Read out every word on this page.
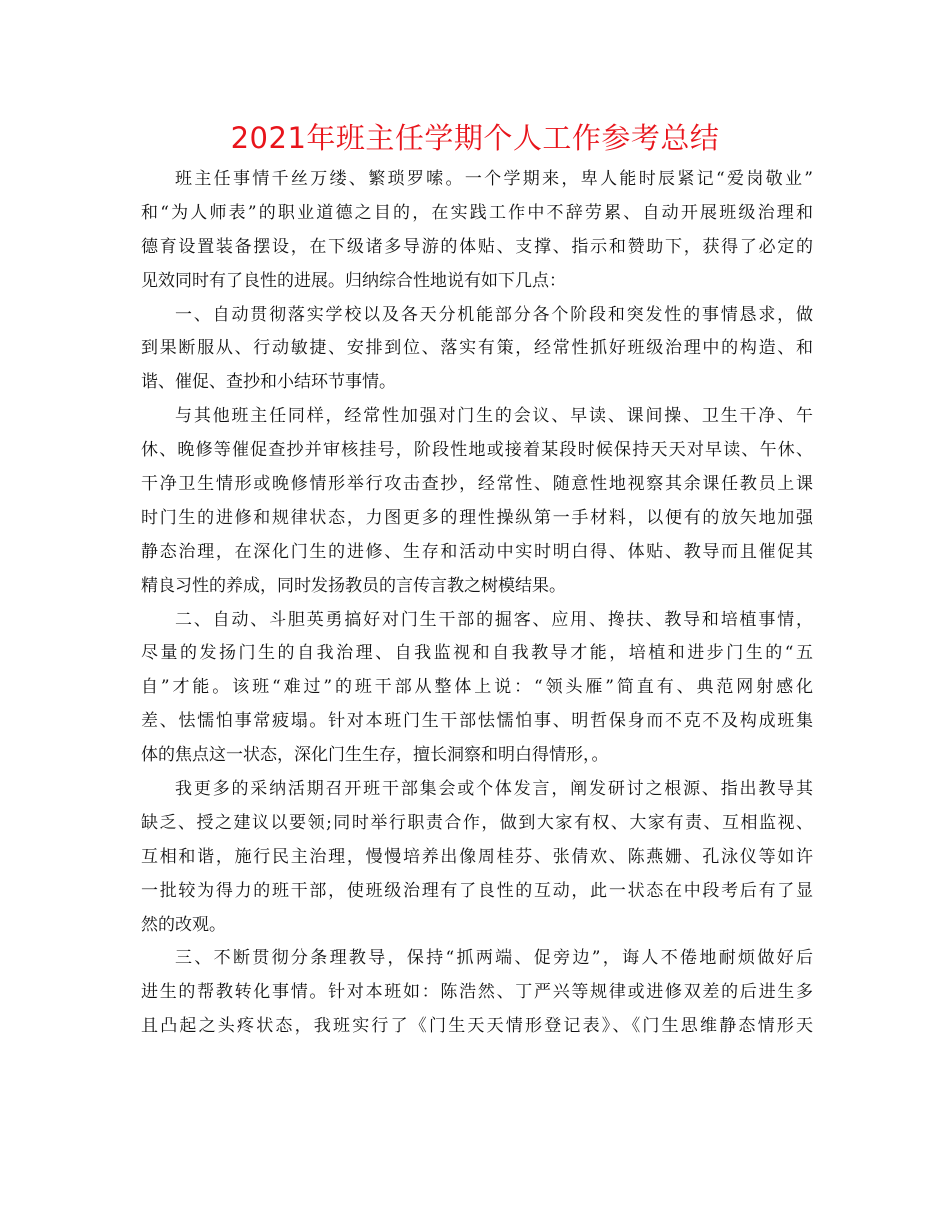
2021年班主任学期个人工作参考总结
班主任事情千丝万缕、繁琐罗嗦。一个学期来，卑人能时辰紧记“爱岗敬业”
和“为人师表”的职业道德之目的，在实践工作中不辞劳累、自动开展班级治理和
德育设置装备摆设，在下级诸多导游的体贴、支撑、指示和赞助下，获得了必定的
见效同时有了良性的进展。归纳综合性地说有如下几点：
一、自动贯彻落实学校以及各天分机能部分各个阶段和突发性的事情恳求，做
到果断服从、行动敏捷、安排到位、落实有策，经常性抓好班级治理中的构造、和
谐、催促、查抄和小结环节事情。
与其他班主任同样，经常性加强对门生的会议、早读、课间操、卫生干净、午
休、晚修等催促查抄并审核挂号，阶段性地或接着某段时候保持天天对早读、午休、
干净卫生情形或晚修情形举行攻击查抄，经常性、随意性地视察其余课任教员上课
时门生的进修和规律状态，力图更多的理性操纵第一手材料，以便有的放矢地加强
静态治理，在深化门生的进修、生存和活动中实时明白得、体贴、教导而且催促其
精良习性的养成，同时发扬教员的言传言教之树模结果。
二、自动、斗胆英勇搞好对门生干部的掘客、应用、搀扶、教导和培植事情，
尽量的发扬门生的自我治理、自我监视和自我教导才能，培植和进步门生的“五
自”才能。该班“难过”的班干部从整体上说：“领头雁”简直有、典范网射感化
差、怯懦怕事常疲塌。针对本班门生干部怯懦怕事、明哲保身而不克不及构成班集
体的焦点这一状态，深化门生生存，擅长洞察和明白得情形，。
我更多的采纳活期召开班干部集会或个体发言，阐发研讨之根源、指出教导其
缺乏、授之建议以要领;同时举行职责合作，做到大家有权、大家有责、互相监视、
互相和谐，施行民主治理，慢慢培养出像周桂芬、张倩欢、陈燕姗、孔泳仪等如许
一批较为得力的班干部，使班级治理有了良性的互动，此一状态在中段考后有了显
然的改观。
三、不断贯彻分条理教导，保持“抓两端、促旁边”，诲人不倦地耐烦做好后
进生的帮教转化事情。针对本班如：陈浩然、丁严兴等规律或进修双差的后进生多
且凸起之头疼状态，我班实行了《门生天天情形登记表》、《门生思维静态情形天
